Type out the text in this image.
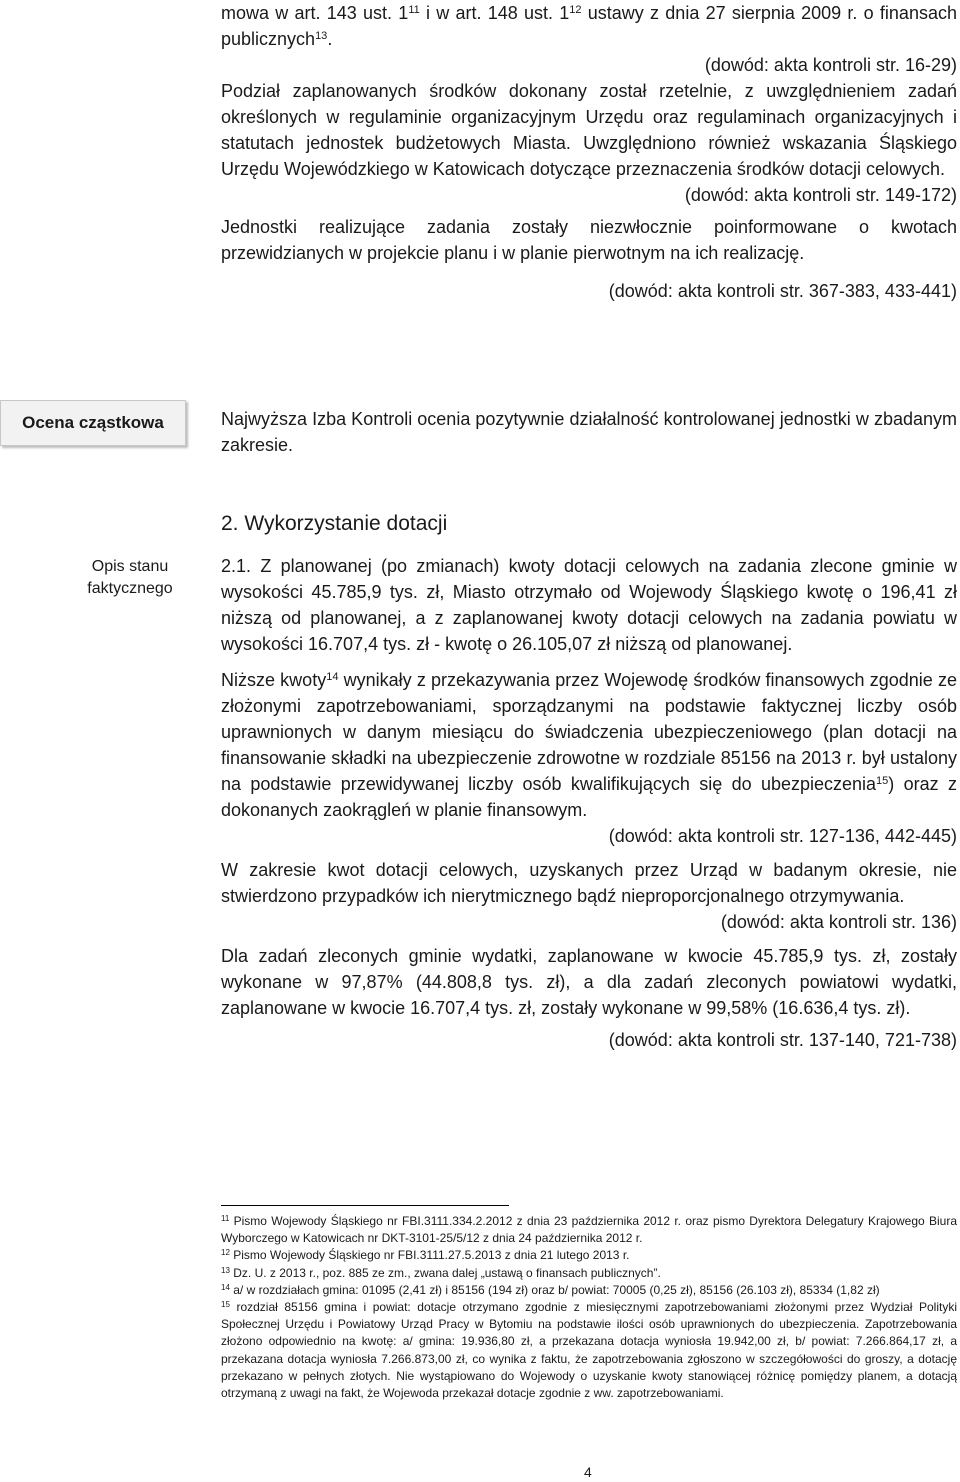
mowa w art. 143 ust. $1^{11}$ i w art. 148 ust. $1^{12}$ ustawy z dnia 27 sierpnia 2009 r. o finansach publicznych$^{13}$.

(dowód: akta kontroli str. 16-29)

Podział zaplanowanych środków dokonany został rzetelnie, z uwzględnieniem zadań określonych w regulaminie organizacyjnym Urzędu oraz regulaminach organizacyjnych i statutach jednostek budżetowych Miasta. Uwzględniono również wskazania Śląskiego Urzędu Wojewódzkiego w Katowicach dotyczące przeznaczenia środków dotacji celowych.

(dowód: akta kontroli str. 149-172)

Jednostki realizujące zadania zostały niezwłocznie poinformowane o kwotach przewidzianych w projekcie planu i w planie pierwotnym na ich realizację.

(dowód: akta kontroli str. 367-383, 433-441)

Ocena cząstkowa	Najwyższa Izba Kontroli ocenia pozytywnie działalność kontrolowanej jednostki w zbadanym zakresie.

Opis stanu
faktycznego
2. Wykorzystanie dotacji

2.1. Z planowanej (po zmianach) kwoty dotacji celowych na zadania zlecone gminie w wysokości 45.785,9 tys. zł, Miasto otrzymało od Wojewody Śląskiego kwotę o 196,41 zł niższą od planowanej, a z zaplanowanej kwoty dotacji celowych na zadania powiatu w wysokości 16.707,4 tys. zł - kwotę o 26.105,07 zł niższą od planowanej.

Niższe kwoty$^{14}$ wynikały z przekazywania przez Wojewodę środków finansowych zgodnie ze złożonymi zapotrzebowaniami, sporządzanymi na podstawie faktycznej liczby osób uprawnionych w danym miesiącu do świadczenia ubezpieczeniowego (plan dotacji na finansowanie składki na ubezpieczenie zdrowotne w rozdziale 85156 na 2013 r. był ustalony na podstawie przewidywanej liczby osób kwalifikujących się do ubezpieczenia$^{15}$) oraz z dokonanych zaokrągleń w planie finansowym.

(dowód: akta kontroli str. 127-136, 442-445)

W zakresie kwot dotacji celowych, uzyskanych przez Urząd w badanym okresie, nie stwierdzono przypadków ich nierytmicznego bądź nieproporcjonalnego otrzymywania.

(dowód: akta kontroli str. 136)

Dla zadań zleconych gminie wydatki, zaplanowane w kwocie 45.785,9 tys. zł, zostały wykonane w 97,87% (44.808,8 tys. zł), a dla zadań zleconych powiatowi wydatki, zaplanowane w kwocie 16.707,4 tys. zł, zostały wykonane w 99,58% (16.636,4 tys. zł).

(dowód: akta kontroli str. 137-140, 721-738)

$^{11}$ Pismo Wojewody Śląskiego nr FBI.3111.334.2.2012 z dnia 23 października 2012 r. oraz pismo Dyrektora Delegatury Krajowego Biura Wyborczego w Katowicach nr DKT-3101-25/5/12 z dnia 24 października 2012 r.

$^{12}$ Pismo Wojewody Śląskiego nr FBI.3111.27.5.2013 z dnia 21 lutego 2013 r.

$^{13}$ Dz. U. z 2013 r., poz. 885 ze zm., zwana dalej „ustawą o finansach publicznych”.

$^{14}$ a/ w rozdziałach gmina: 01095 (2,41 zł) i 85156 (194 zł) oraz b/ powiat: 70005 (0,25 zł), 85156 (26.103 zł), 85334 (1,82 zł)

$^{15}$ rozdział 85156 gmina i powiat: dotacje otrzymano zgodnie z miesięcznymi zapotrzebowaniami złożonymi przez Wydział Polityki Społecznej Urzędu i Powiatowy Urząd Pracy w Bytomiu na podstawie ilości osób uprawnionych do ubezpieczenia. Zapotrzebowania złożono odpowiednio na kwotę: a/ gmina: 19.936,80 zł, a przekazana dotacja wyniosła 19.942,00 zł, b/ powiat: 7.266.864,17 zł, a przekazana dotacja wyniosła 7.266.873,00 zł, co wynika z faktu, że zapotrzebowania zgłoszono w szczegółowości do groszy, a dotację przekazano w pełnych złotych. Nie wystąpiowano do Wojewody o uzyskanie kwoty stanowiącej różnicę pomiędzy planem, a dotacją otrzymaną z uwagi na fakt, że Wojewoda przekazał dotacje zgodnie z ww. zapotrzebowaniami.

4
